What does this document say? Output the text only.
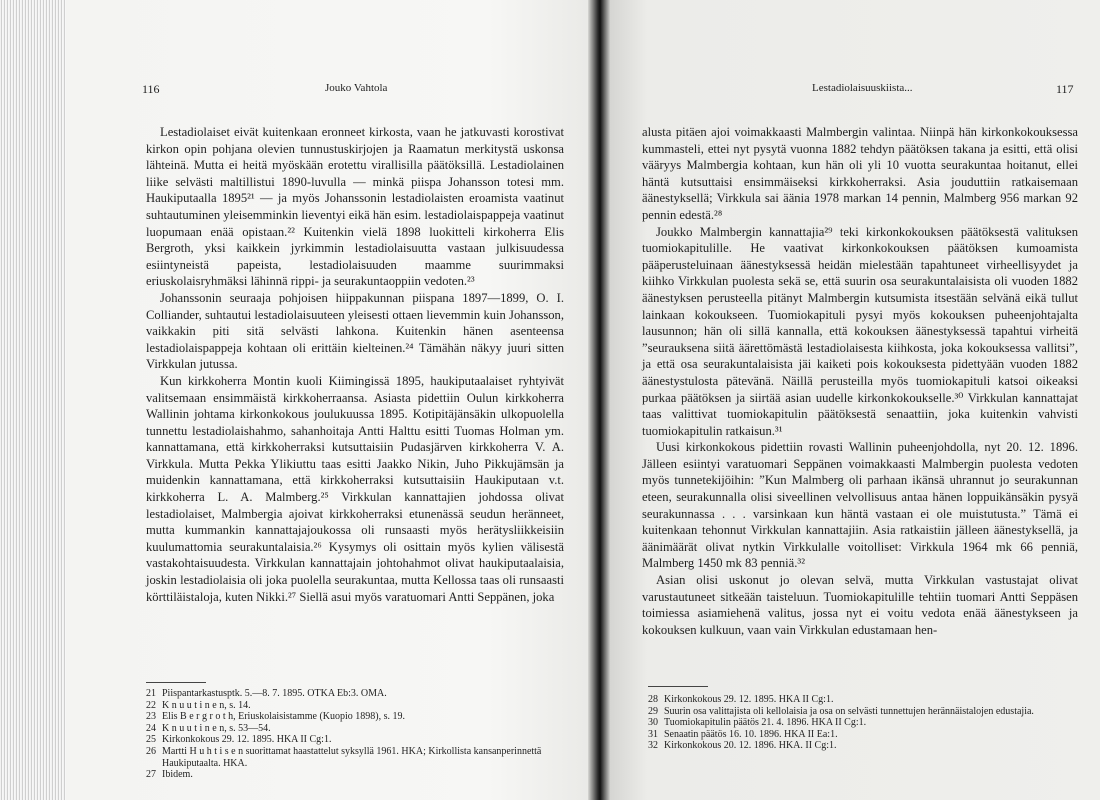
116	Jouko Vahtola

Lestadiolaiset eivät kuitenkaan eronneet kirkosta, vaan he jatkuvasti korostivat kirkon opin pohjana olevien tunnustuskirjojen ja Raamatun merkitystä uskonsa lähteinä. Mutta ei heitä myöskään erotettu virallisilla päätöksillä. Lestadiolainen liike selvästi maltillistui 1890-luvulla — minkä piispa Johansson totesi mm. Haukiputaalla 1895²¹ — ja myös Johanssonin lestadiolaisten eroamista vaatinut suhtautuminen yleisemminkin lieventyi eikä hän esim. lestadiolaispappeja vaatinut luopumaan enää opistaan.²² Kuitenkin vielä 1898 luokitteli kirkoherra Elis Bergroth, yksi kaikkein jyrkimmin lestadiolaisuutta vastaan julkisuudessa esiintyneistä papeista, lestadiolaisuuden maamme suurimmaksi eriuskolaisryhmäksi lähinnä rippi- ja seurakuntaoppiin vedoten.²³

Johanssonin seuraaja pohjoisen hiippakunnan piispana 1897—1899, O. I. Colliander, suhtautui lestadiolaisuuteen yleisesti ottaen lievemmin kuin Johansson, vaikkakin piti sitä selvästi lahkona. Kuitenkin hänen asenteensa lestadiolaispappeja kohtaan oli erittäin kielteinen.²⁴ Tämähän näkyy juuri sitten Virkkulan jutussa.

Kun kirkkoherra Montin kuoli Kiimingissä 1895, haukiputaalaiset ryhtyivät valitsemaan ensimmäistä kirkkoherraansa. Asiasta pidettiin Oulun kirkkoherra Wallinin johtama kirkonkokous joulukuussa 1895. Kotipitäjänsäkin ulkopuolella tunnettu lestadiolaishahmo, sahanhoitaja Antti Halttu esitti Tuomas Holman ym. kannattamana, että kirkkoherraksi kutsuttaisiin Pudasjärven kirkkoherra V. A. Virkkula. Mutta Pekka Ylikiuttu taas esitti Jaakko Nikin, Juho Pikkujämsän ja muidenkin kannattamana, että kirkkoherraksi kutsuttaisiin Haukiputaan v.t. kirkkoherra L. A. Malmberg.²⁵ Virkkulan kannattajien johdossa olivat lestadiolaiset, Malmbergia ajoivat kirkkoherraksi etunenässä seudun heränneet, mutta kummankin kannattajajoukossa oli runsaasti myös herätysliikkeisiin kuulumattomia seurakuntalaisia.²⁶ Kysymys oli osittain myös kylien välisestä vastakohtaisuudesta. Virkkulan kannattajain johtohahmot olivat haukiputaalaisia, joskin lestadiolaisia oli joka puolella seurakuntaa, mutta Kellossa taas oli runsaasti körttiläistaloja, kuten Nikki.²⁷ Siellä asui myös varatuomari Antti Seppänen, joka

21 Piispantarkastusptk. 5.—8. 7. 1895. OTKA Eb:3. OMA.
22 K n u u t i n e n, s. 14.
23 Elis B e r g r o t h, Eriuskolaisistamme (Kuopio 1898), s. 19.
24 K n u u t i n e n, s. 53—54.
25 Kirkonkokous 29. 12. 1895. HKA II Cg:1.
26 Martti H u h t i s e n suorittamat haastattelut syksyllä 1961. HKA; Kirkollista kansanperinnettä Haukiputaalta. HKA.
27 Ibidem.
Lestadiolaisuuskiista...	117

alusta pitäen ajoi voimakkaasti Malmbergin valintaa. Niinpä hän kirkonkokouksessa kummasteli, ettei nyt pysytä vuonna 1882 tehdyn päätöksen takana ja esitti, että olisi vääryys Malmbergia kohtaan, kun hän oli yli 10 vuotta seurakuntaa hoitanut, ellei häntä kutsuttaisi ensimmäiseksi kirkkoherraksi. Asia jouduttiin ratkaisemaan äänestyksellä; Virkkula sai äänia 1978 markan 14 pennin, Malmberg 956 markan 92 pennin edestä.²⁸

Joukko Malmbergin kannattajia²⁹ teki kirkonkokouksen päätöksestä valituksen tuomiokapitulille. He vaativat kirkonkokouksen päätöksen kumoamista pääperusteluinaan äänestyksessä heidän mielestään tapahtuneet virheellisyydet ja kiihko Virkkulan puolesta sekä se, että suurin osa seurakuntalaisista oli vuoden 1882 äänestyksen perusteella pitänyt Malmbergin kutsumista itsestään selvänä eikä tullut lainkaan kokoukseen. Tuomiokapituli pysyi myös kokouksen puheenjohtajalta lausunnon; hän oli sillä kannalla, että kokouksen äänestyksessä tapahtui virheitä ”seurauksena siitä äärettömästä lestadiolaisesta kiihkosta, joka kokouksessa vallitsi”, ja että osa seurakuntalaisista jäi kaiketi pois kokouksesta pidettyään vuoden 1882 äänestystulosta pätevänä. Näillä perusteilla myös tuomiokapituli katsoi oikeaksi purkaa päätöksen ja siirtää asian uudelle kirkonkokoukselle.³⁰ Virkkulan kannattajat taas valittivat tuomiokapitulin päätöksestä senaattiin, joka kuitenkin vahvisti tuomiokapitulin ratkaisun.³¹

Uusi kirkonkokous pidettiin rovasti Wallinin puheenjohdolla, nyt 20. 12. 1896. Jälleen esiintyi varatuomari Seppänen voimakkaasti Malmbergin puolesta vedoten myös tunnetekijöihin: ”Kun Malmberg oli parhaan ikänsä uhrannut jo seurakunnan eteen, seurakunnalla olisi siveellinen velvollisuus antaa hänen loppuikänsäkin pysyä seurakunnassa . . . varsinkaan kun häntä vastaan ei ole muistutusta.” Tämä ei kuitenkaan tehonnut Virkkulan kannattajiin. Asia ratkaistiin jälleen äänestyksellä, ja äänimäärät olivat nytkin Virkkulalle voitolliset: Virkkula 1964 mk 66 penniä, Malmberg 1450 mk 83 penniä.³²

Asian olisi uskonut jo olevan selvä, mutta Virkkulan vastustajat olivat varustautuneet sitkeään taisteluun. Tuomiokapitulille tehtiin tuomari Antti Seppäsen toimiessa asiamiehenä valitus, jossa nyt ei voitu vedota enää äänestykseen ja kokouksen kulkuun, vaan vain Virkkulan edustamaan hen-

28 Kirkonkokous 29. 12. 1895. HKA II Cg:1.
29 Suurin osa valittajista oli kellolaisia ja osa on selvästi tunnettujen herännäistalojen edustajia.
30 Tuomiokapitulin päätös 21. 4. 1896. HKA II Cg:1.
31 Senaatin päätös 16. 10. 1896. HKA II Ea:1.
32 Kirkonkokous 20. 12. 1896. HKA. II Cg:1.
